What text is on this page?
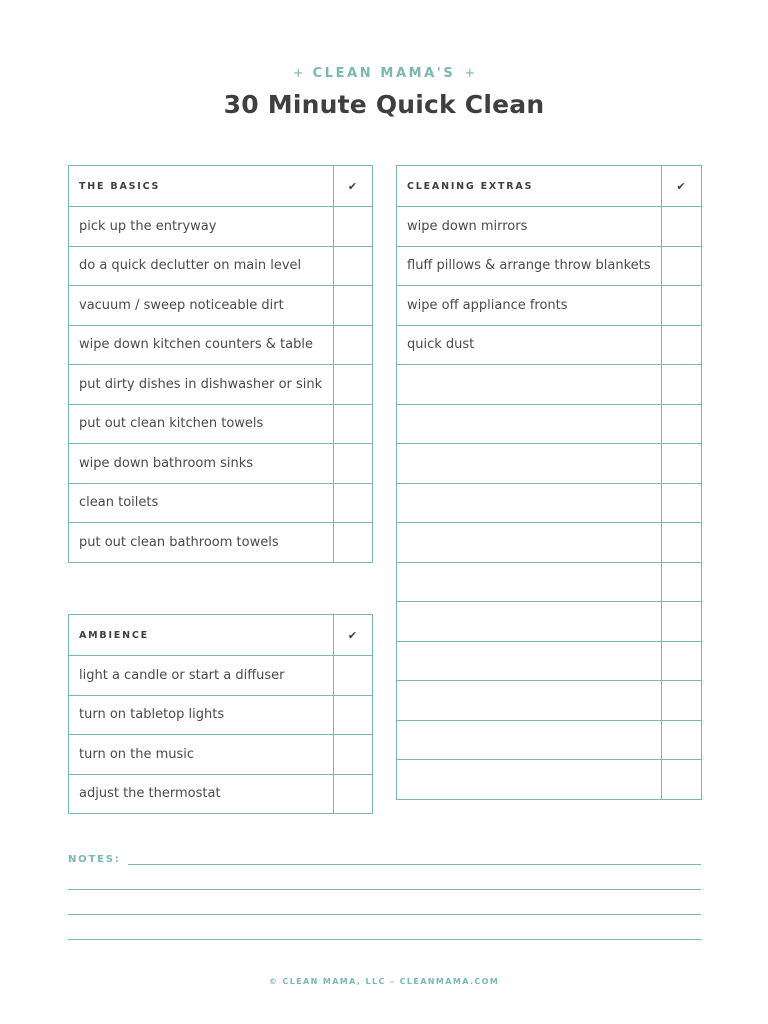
+ CLEAN MAMA'S +
30 Minute Quick Clean
THE BASICS	✔
pick up the entryway	
do a quick declutter on main level	
vacuum / sweep noticeable dirt	
wipe down kitchen counters & table	
put dirty dishes in dishwasher or sink	
put out clean kitchen towels	
wipe down bathroom sinks	
clean toilets	
put out clean bathroom towels	
AMBIENCE	✔
light a candle or start a diffuser	
turn on tabletop lights	
turn on the music	
adjust the thermostat	
CLEANING EXTRAS	✔
wipe down mirrors	
fluff pillows & arrange throw blankets	
wipe off appliance fronts	
quick dust	

NOTES:
© CLEAN MAMA, LLC – CLEANMAMA.COM
